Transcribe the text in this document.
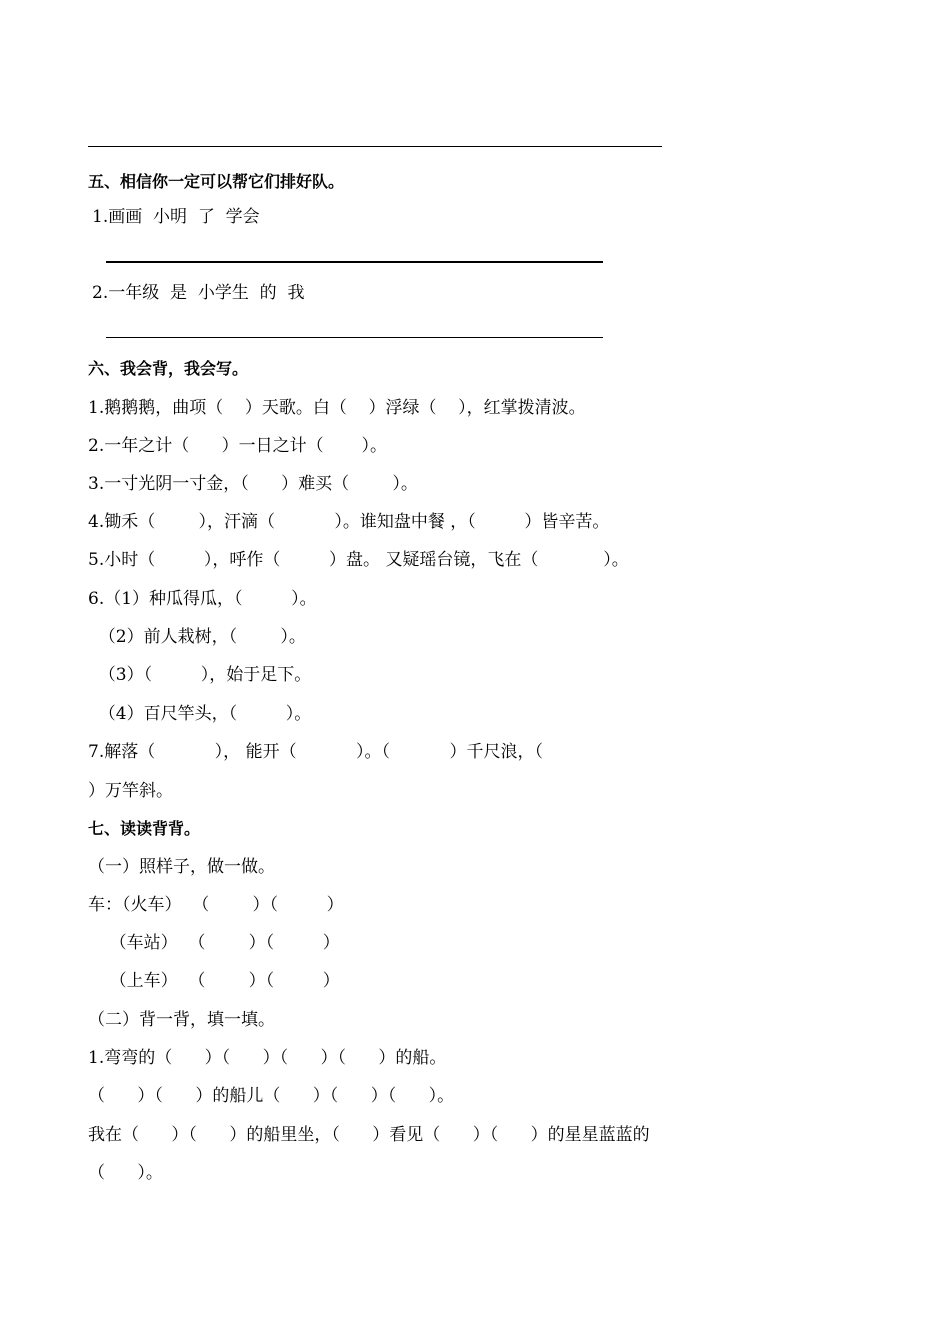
五、相信你一定可以帮它们排好队。
1.画画  小明  了  学会
2.一年级  是  小学生  的  我
六、我会背，我会写。
1.鹅鹅鹅，曲项（    ）天歌。白（    ）浮绿（    ），红掌拨清波。
2.一年之计（      ）一日之计（       ）。
3.一寸光阴一寸金，（      ）难买（        ）。
4.锄禾（        ），汗滴（           ）。谁知盘中餐 ，（         ）皆辛苦。
5.小时（         ），呼作（         ）盘。 又疑瑶台镜，飞在（            ）。
6.（1）种瓜得瓜，（         ）。
（2）前人栽树，（        ）。
（3）（         ），始于足下。
（4）百尺竿头，（         ）。
7.解落（           ）， 能开（           ）。（           ）千尺浪，（
）万竿斜。
七、读读背背。
（一）照样子，做一做。
车：（火车）  （        ）（         ）
（车站）  （        ）（         ）
（上车）  （        ）（         ）
（二）背一背，填一填。
1.弯弯的（      ）（      ）（      ）（      ）的船。
（      ）（      ）的船儿（      ）（      ）（      ）。
我在（      ）（      ）的船里坐，（      ）看见（      ）（      ）的星星蓝蓝的
（      ）。
